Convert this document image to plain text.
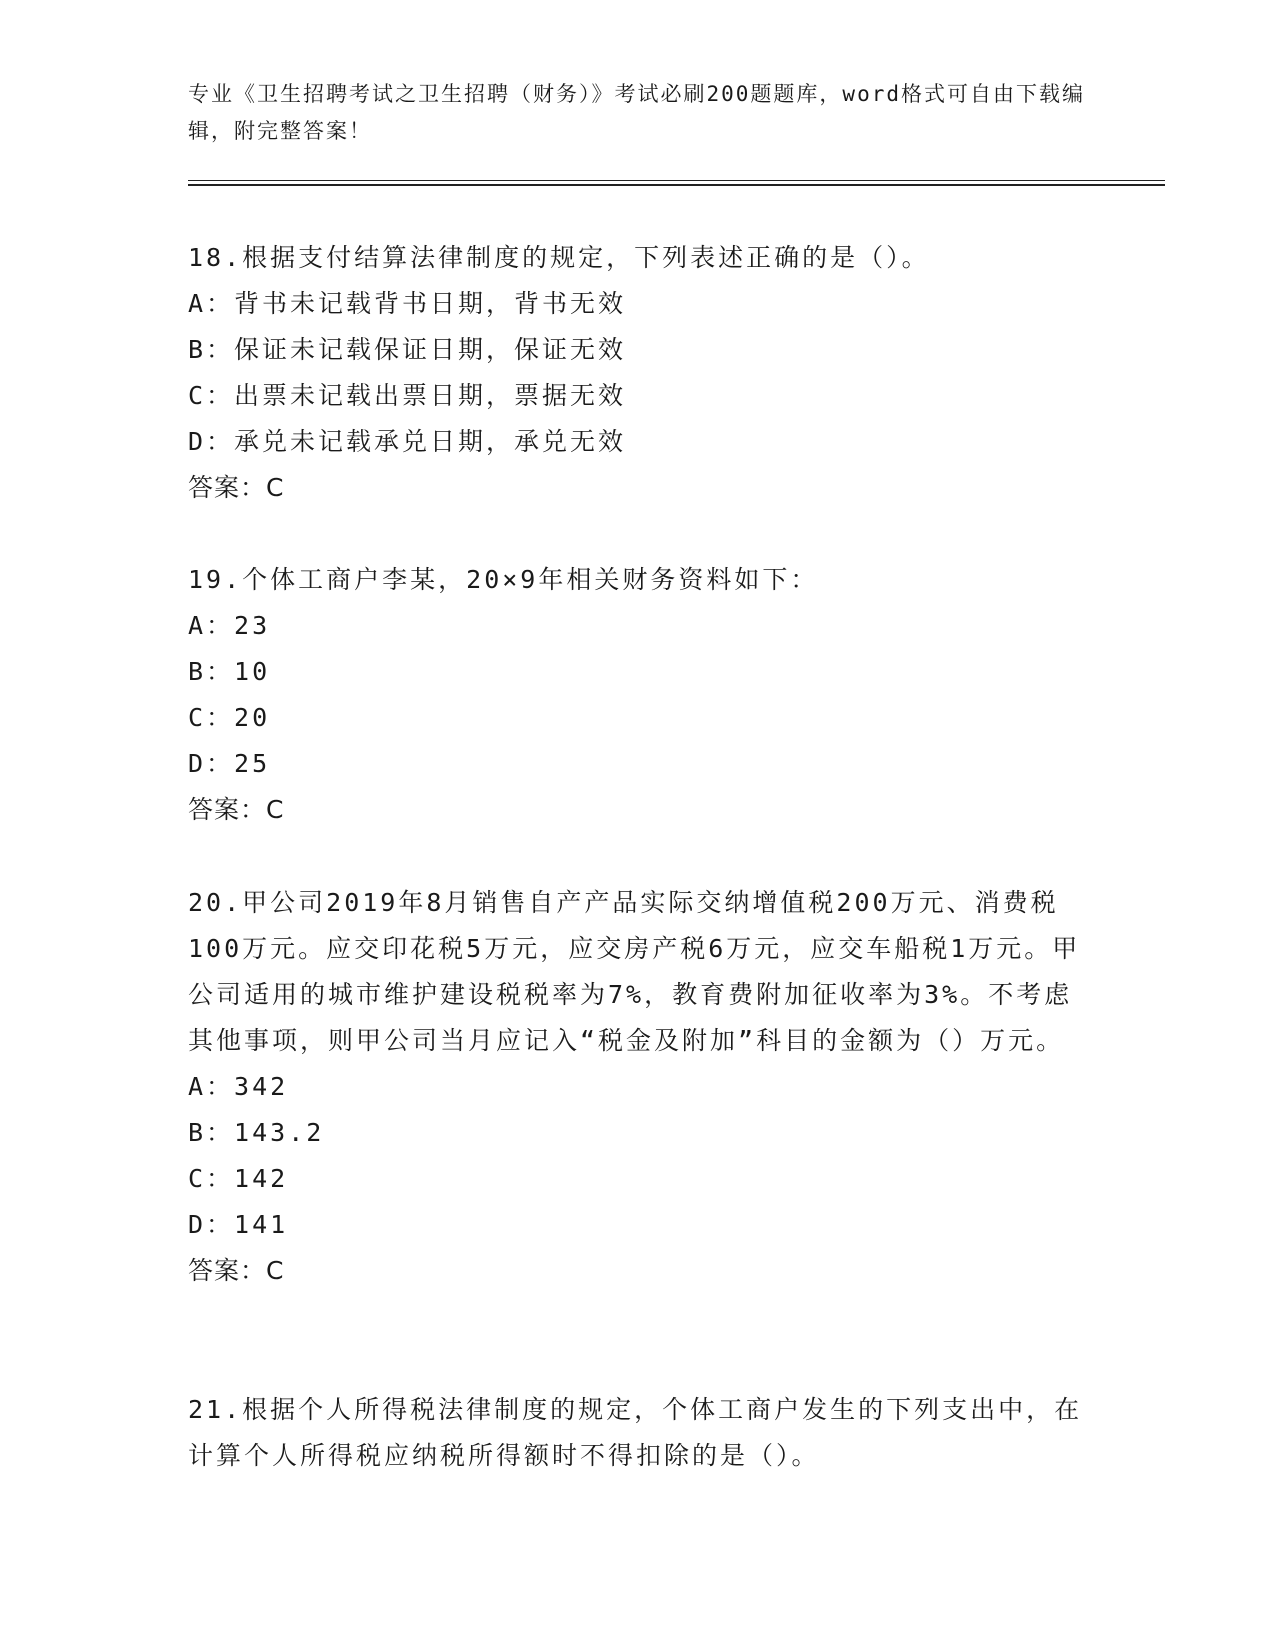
专业《卫生招聘考试之卫生招聘（财务）》考试必刷200题题库，word格式可自由下载编辑，附完整答案！
18.根据支付结算法律制度的规定，下列表述正确的是（）。
A：背书未记载背书日期，背书无效
B：保证未记载保证日期，保证无效
C：出票未记载出票日期，票据无效
D：承兑未记载承兑日期，承兑无效
答案：C
19.个体工商户李某，20×9年相关财务资料如下：
A：23
B：10
C：20
D：25
答案：C
20.甲公司2019年8月销售自产产品实际交纳增值税200万元、消费税100万元。应交印花税5万元，应交房产税6万元，应交车船税1万元。甲公司适用的城市维护建设税税率为7%，教育费附加征收率为3%。不考虑其他事项，则甲公司当月应记入“税金及附加”科目的金额为（）万元。
A：342
B：143.2
C：142
D：141
答案：C
21.根据个人所得税法律制度的规定，个体工商户发生的下列支出中，在计算个人所得税应纳税所得额时不得扣除的是（）。
